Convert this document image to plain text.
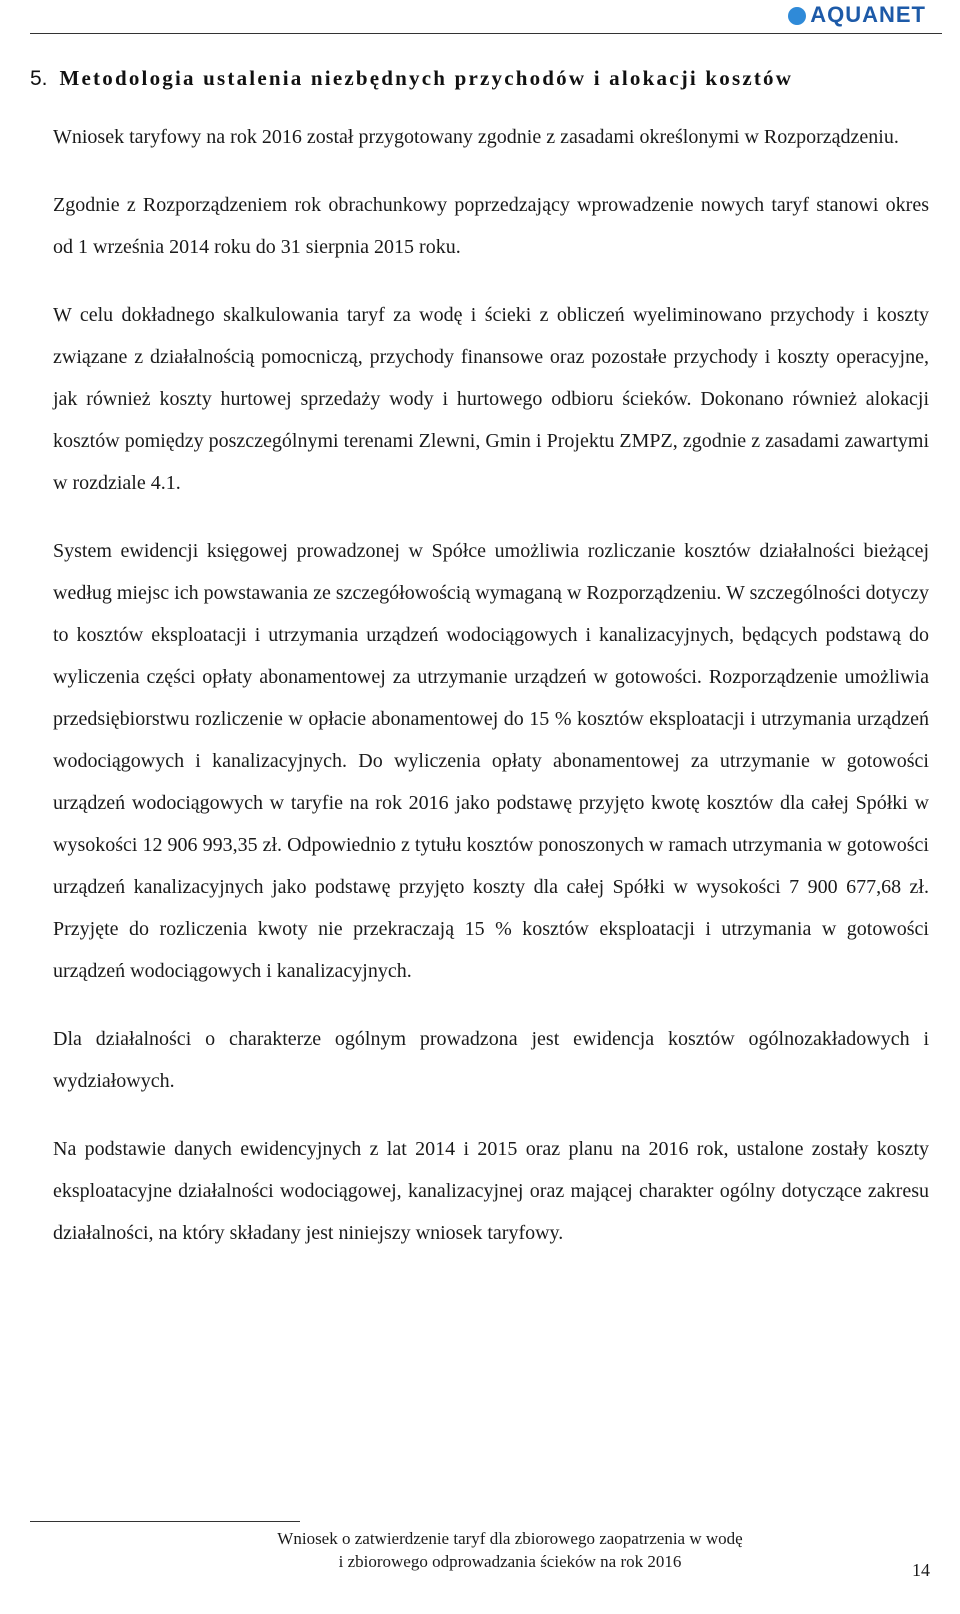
AQUANET
5. Metodologia ustalenia niezbędnych przychodów i alokacji kosztów

Wniosek taryfowy na rok 2016 został przygotowany zgodnie z zasadami określonymi w Rozporządzeniu.

Zgodnie z Rozporządzeniem rok obrachunkowy poprzedzający wprowadzenie nowych taryf stanowi okres od 1 września 2014 roku do 31 sierpnia 2015 roku.

W celu dokładnego skalkulowania taryf za wodę i ścieki z obliczeń wyeliminowano przychody i koszty związane z działalnością pomocniczą, przychody finansowe oraz pozostałe przychody i koszty operacyjne, jak również koszty hurtowej sprzedaży wody i hurtowego odbioru ścieków. Dokonano również alokacji kosztów pomiędzy poszczególnymi terenami Zlewni, Gmin i Projektu ZMPZ, zgodnie z zasadami zawartymi w rozdziale 4.1.

System ewidencji księgowej prowadzonej w Spółce umożliwia rozliczanie kosztów działalności bieżącej według miejsc ich powstawania ze szczegółowością wymaganą w Rozporządzeniu. W szczególności dotyczy to kosztów eksploatacji i utrzymania urządzeń wodociągowych i kanalizacyjnych, będących podstawą do wyliczenia części opłaty abonamentowej za utrzymanie urządzeń w gotowości. Rozporządzenie umożliwia przedsiębiorstwu rozliczenie w opłacie abonamentowej do 15 % kosztów eksploatacji i utrzymania urządzeń wodociągowych i kanalizacyjnych. Do wyliczenia opłaty abonamentowej za utrzymanie w gotowości urządzeń wodociągowych w taryfie na rok 2016 jako podstawę przyjęto kwotę kosztów dla całej Spółki w wysokości 12 906 993,35 zł. Odpowiednio z tytułu kosztów ponoszonych w ramach utrzymania w gotowości urządzeń kanalizacyjnych jako podstawę przyjęto koszty dla całej Spółki w wysokości 7 900 677,68 zł. Przyjęte do rozliczenia kwoty nie przekraczają 15 % kosztów eksploatacji i utrzymania w gotowości urządzeń wodociągowych i kanalizacyjnych.

Dla działalności o charakterze ogólnym prowadzona jest ewidencja kosztów ogólnozakładowych i wydziałowych.

Na podstawie danych ewidencyjnych z lat 2014 i 2015 oraz planu na 2016 rok, ustalone zostały koszty eksploatacyjne działalności wodociągowej, kanalizacyjnej oraz mającej charakter ogólny dotyczące zakresu działalności, na który składany jest niniejszy wniosek taryfowy.

Wniosek o zatwierdzenie taryf dla zbiorowego zaopatrzenia w wodę
i zbiorowego odprowadzania ścieków na rok 2016	14
